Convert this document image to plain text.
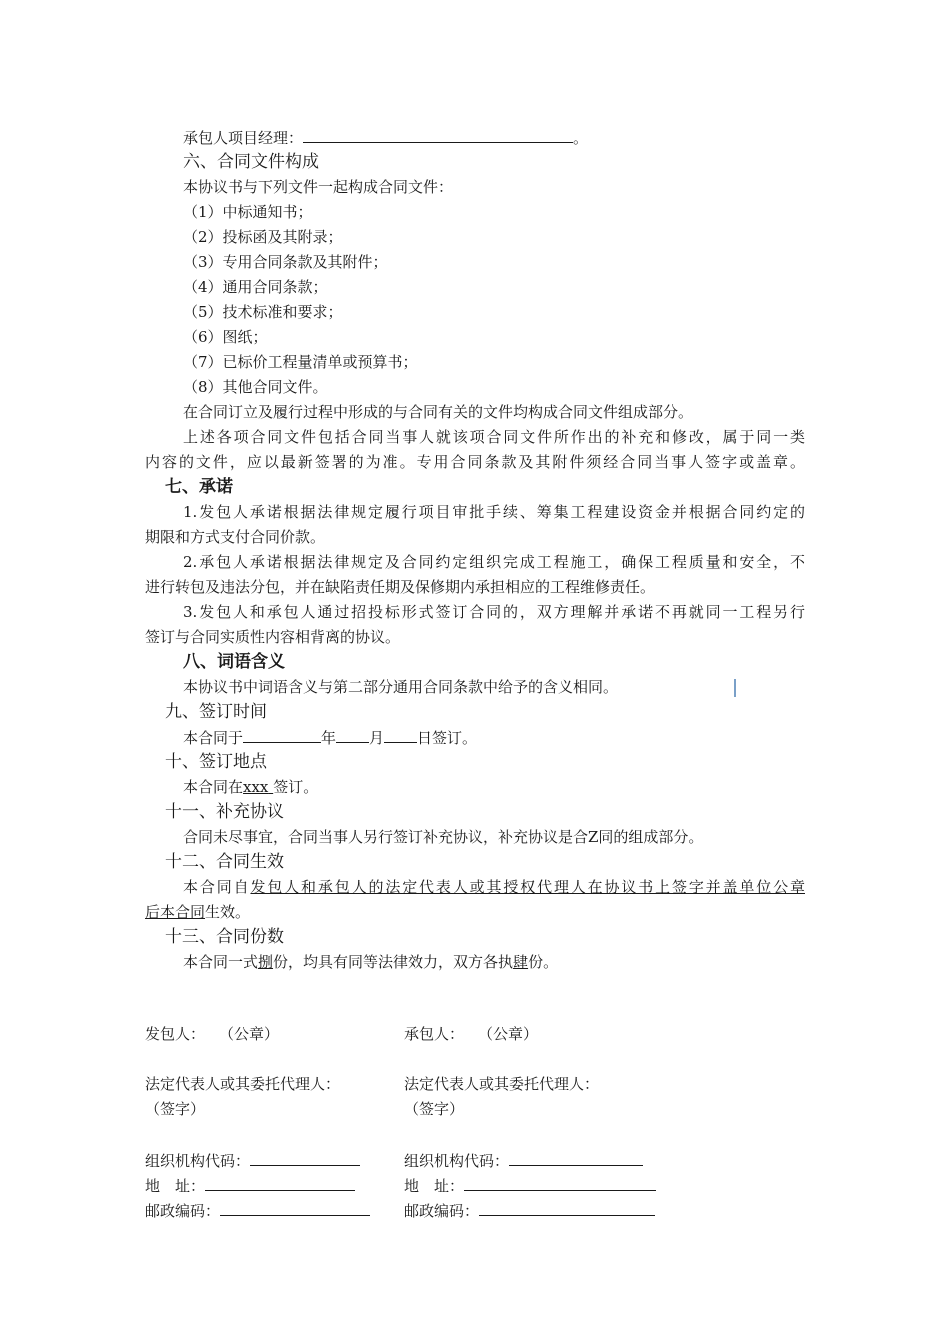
承包人项目经理：	。
六、合同文件构成
本协议书与下列文件一起构成合同文件：
（1）中标通知书；
（2）投标函及其附录；
（3）专用合同条款及其附件；
（4）通用合同条款；
（5）技术标准和要求；
（6）图纸；
（7）已标价工程量清单或预算书；
（8）其他合同文件。
在合同订立及履行过程中形成的与合同有关的文件均构成合同文件组成部分。
上述各项合同文件包括合同当事人就该项合同文件所作出的补充和修改，属于同一类
内容的文件，应以最新签署的为准。专用合同条款及其附件须经合同当事人签字或盖章。
七、承诺
1.发包人承诺根据法律规定履行项目审批手续、筹集工程建设资金并根据合同约定的
期限和方式支付合同价款。
2.承包人承诺根据法律规定及合同约定组织完成工程施工，确保工程质量和安全，不
进行转包及违法分包，并在缺陷责任期及保修期内承担相应的工程维修责任。
3.发包人和承包人通过招投标形式签订合同的，双方理解并承诺不再就同一工程另行
签订与合同实质性内容相背离的协议。
八、词语含义
本协议书中词语含义与第二部分通用合同条款中给予的含义相同。
九、签订时间
本合同于	年 月 日签订。
十、签订地点
本合同在xxx 签订。
十一、补充协议
合同未尽事宜，合同当事人另行签订补充协议，补充协议是合Z同的组成部分。
十二、合同生效
本合同自发包人和承包人的法定代表人或其授权代理人在协议书上签字并盖单位公章
后本合同生效。
十三、合同份数
本合同一式捌份，均具有同等法律效力，双方各执肆份。
发包人： （公章）
法定代表人或其委托代理人：
（签字）
组织机构代码：
地　址：
邮政编码：
承包人： （公章）
法定代表人或其委托代理人：
（签字）
组织机构代码：
地　址：
邮政编码：
